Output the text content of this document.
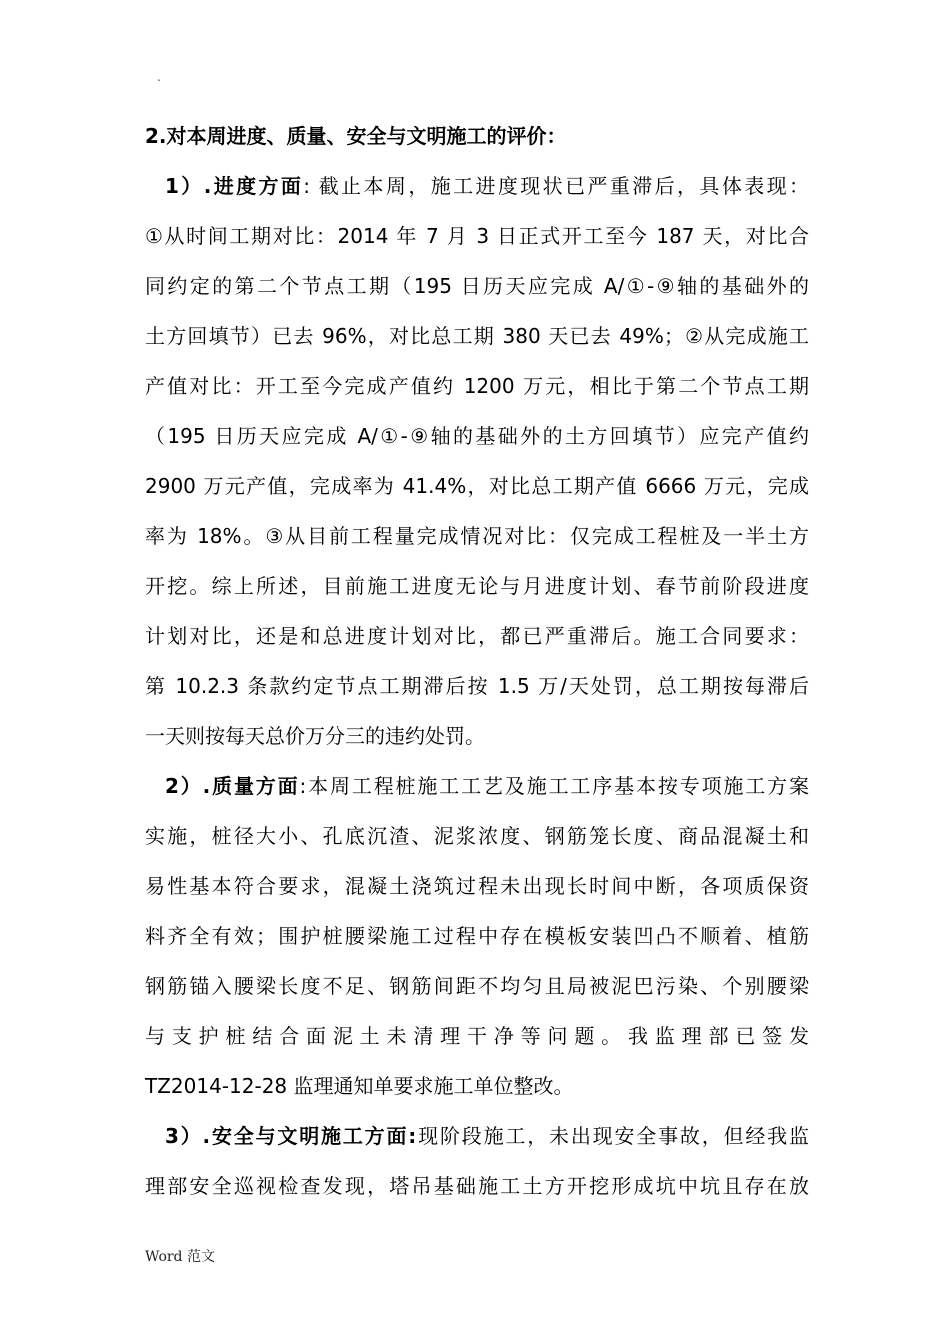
.
2.对本周进度、质量、安全与文明施工的评价：
1）.进度方面: 截止本周，施工进度现状已严重滞后，具体表现：
①从时间工期对比：2014 年 7 月 3 日正式开工至今 187 天，对比合
同约定的第二个节点工期（195 日历天应完成 A/①-⑨轴的基础外的
土方回填节）已去 96%，对比总工期 380 天已去 49%；②从完成施工
产值对比：开工至今完成产值约 1200 万元，相比于第二个节点工期
（195 日历天应完成 A/①-⑨轴的基础外的土方回填节）应完产值约
2900 万元产值，完成率为 41.4%，对比总工期产值 6666 万元，完成
率为 18%。③从目前工程量完成情况对比：仅完成工程桩及一半土方
开挖。综上所述，目前施工进度无论与月进度计划、春节前阶段进度
计划对比，还是和总进度计划对比，都已严重滞后。施工合同要求：
第 10.2.3 条款约定节点工期滞后按 1.5 万/天处罚，总工期按每滞后
一天则按每天总价万分三的违约处罚。
2）.质量方面:本周工程桩施工工艺及施工工序基本按专项施工方案
实施，桩径大小、孔底沉渣、泥浆浓度、钢筋笼长度、商品混凝土和
易性基本符合要求，混凝土浇筑过程未出现长时间中断，各项质保资
料齐全有效；围护桩腰梁施工过程中存在模板安装凹凸不顺着、植筋
钢筋锚入腰梁长度不足、钢筋间距不均匀且局被泥巴污染、个别腰梁
与支护桩结合面泥土未清理干净等问题。我监理部已签发
TZ2014-12-28 监理通知单要求施工单位整改。
3）.安全与文明施工方面:现阶段施工，未出现安全事故，但经我监
理部安全巡视检查发现，塔吊基础施工土方开挖形成坑中坑且存在放
Word 范文
